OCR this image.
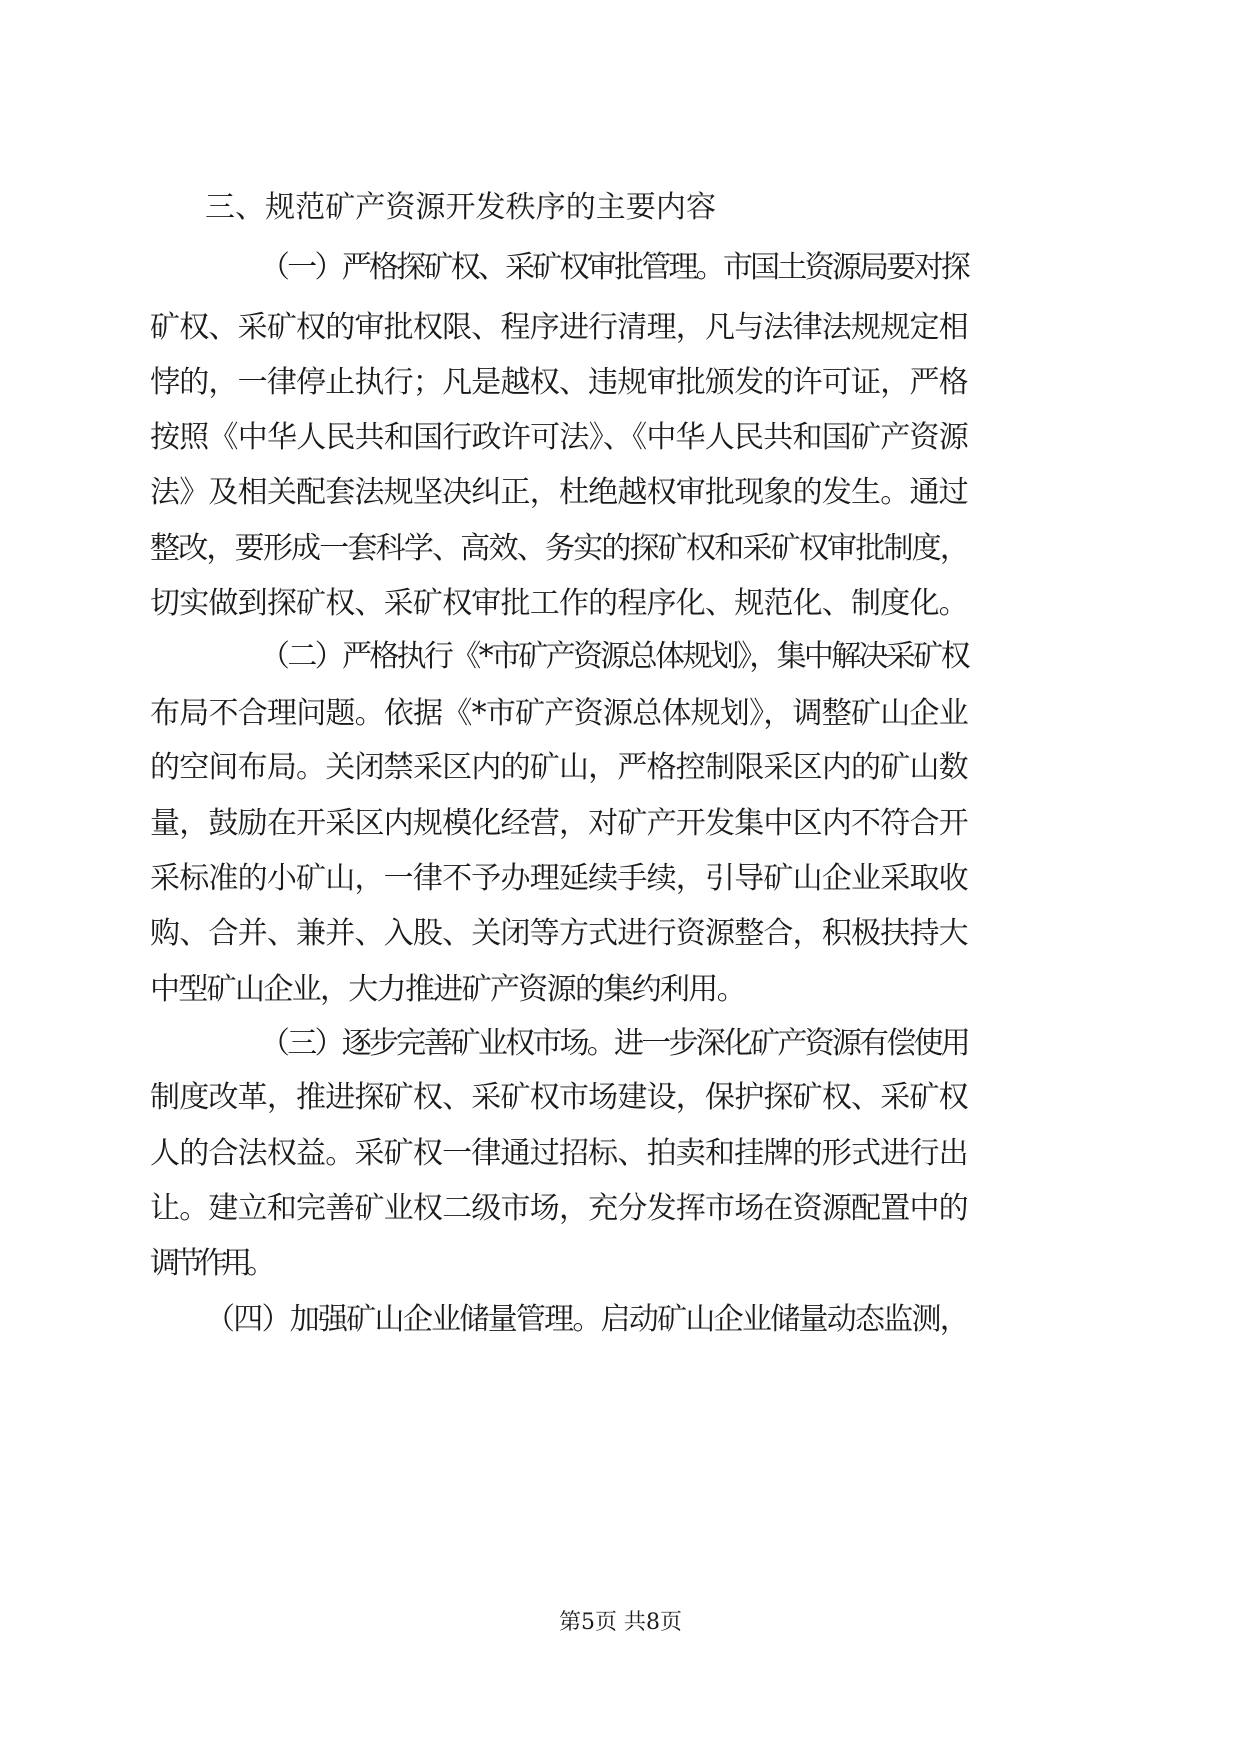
三、规范矿产资源开发秩序的主要内容
（一）严格探矿权、采矿权审批管理。市国土资源局要对探
矿权、采矿权的审批权限、程序进行清理，凡与法律法规规定相
悖的，一律停止执行；凡是越权、违规审批颁发的许可证，严格
按照《中华人民共和国行政许可法》、《中华人民共和国矿产资源
法》及相关配套法规坚决纠正，杜绝越权审批现象的发生。通过
整改，要形成一套科学、高效、务实的探矿权和采矿权审批制度，
切实做到探矿权、采矿权审批工作的程序化、规范化、制度化。
（二）严格执行《*市矿产资源总体规划》，集中解决采矿权
布局不合理问题。依据《*市矿产资源总体规划》，调整矿山企业
的空间布局。关闭禁采区内的矿山，严格控制限采区内的矿山数
量，鼓励在开采区内规模化经营，对矿产开发集中区内不符合开
采标准的小矿山，一律不予办理延续手续，引导矿山企业采取收
购、合并、兼并、入股、关闭等方式进行资源整合，积极扶持大
中型矿山企业，大力推进矿产资源的集约利用。
（三）逐步完善矿业权市场。进一步深化矿产资源有偿使用
制度改革，推进探矿权、采矿权市场建设，保护探矿权、采矿权
人的合法权益。采矿权一律通过招标、拍卖和挂牌的形式进行出
让。建立和完善矿业权二级市场，充分发挥市场在资源配置中的
调节作用。
（四）加强矿山企业储量管理。启动矿山企业储量动态监测，
第5页 共8页
